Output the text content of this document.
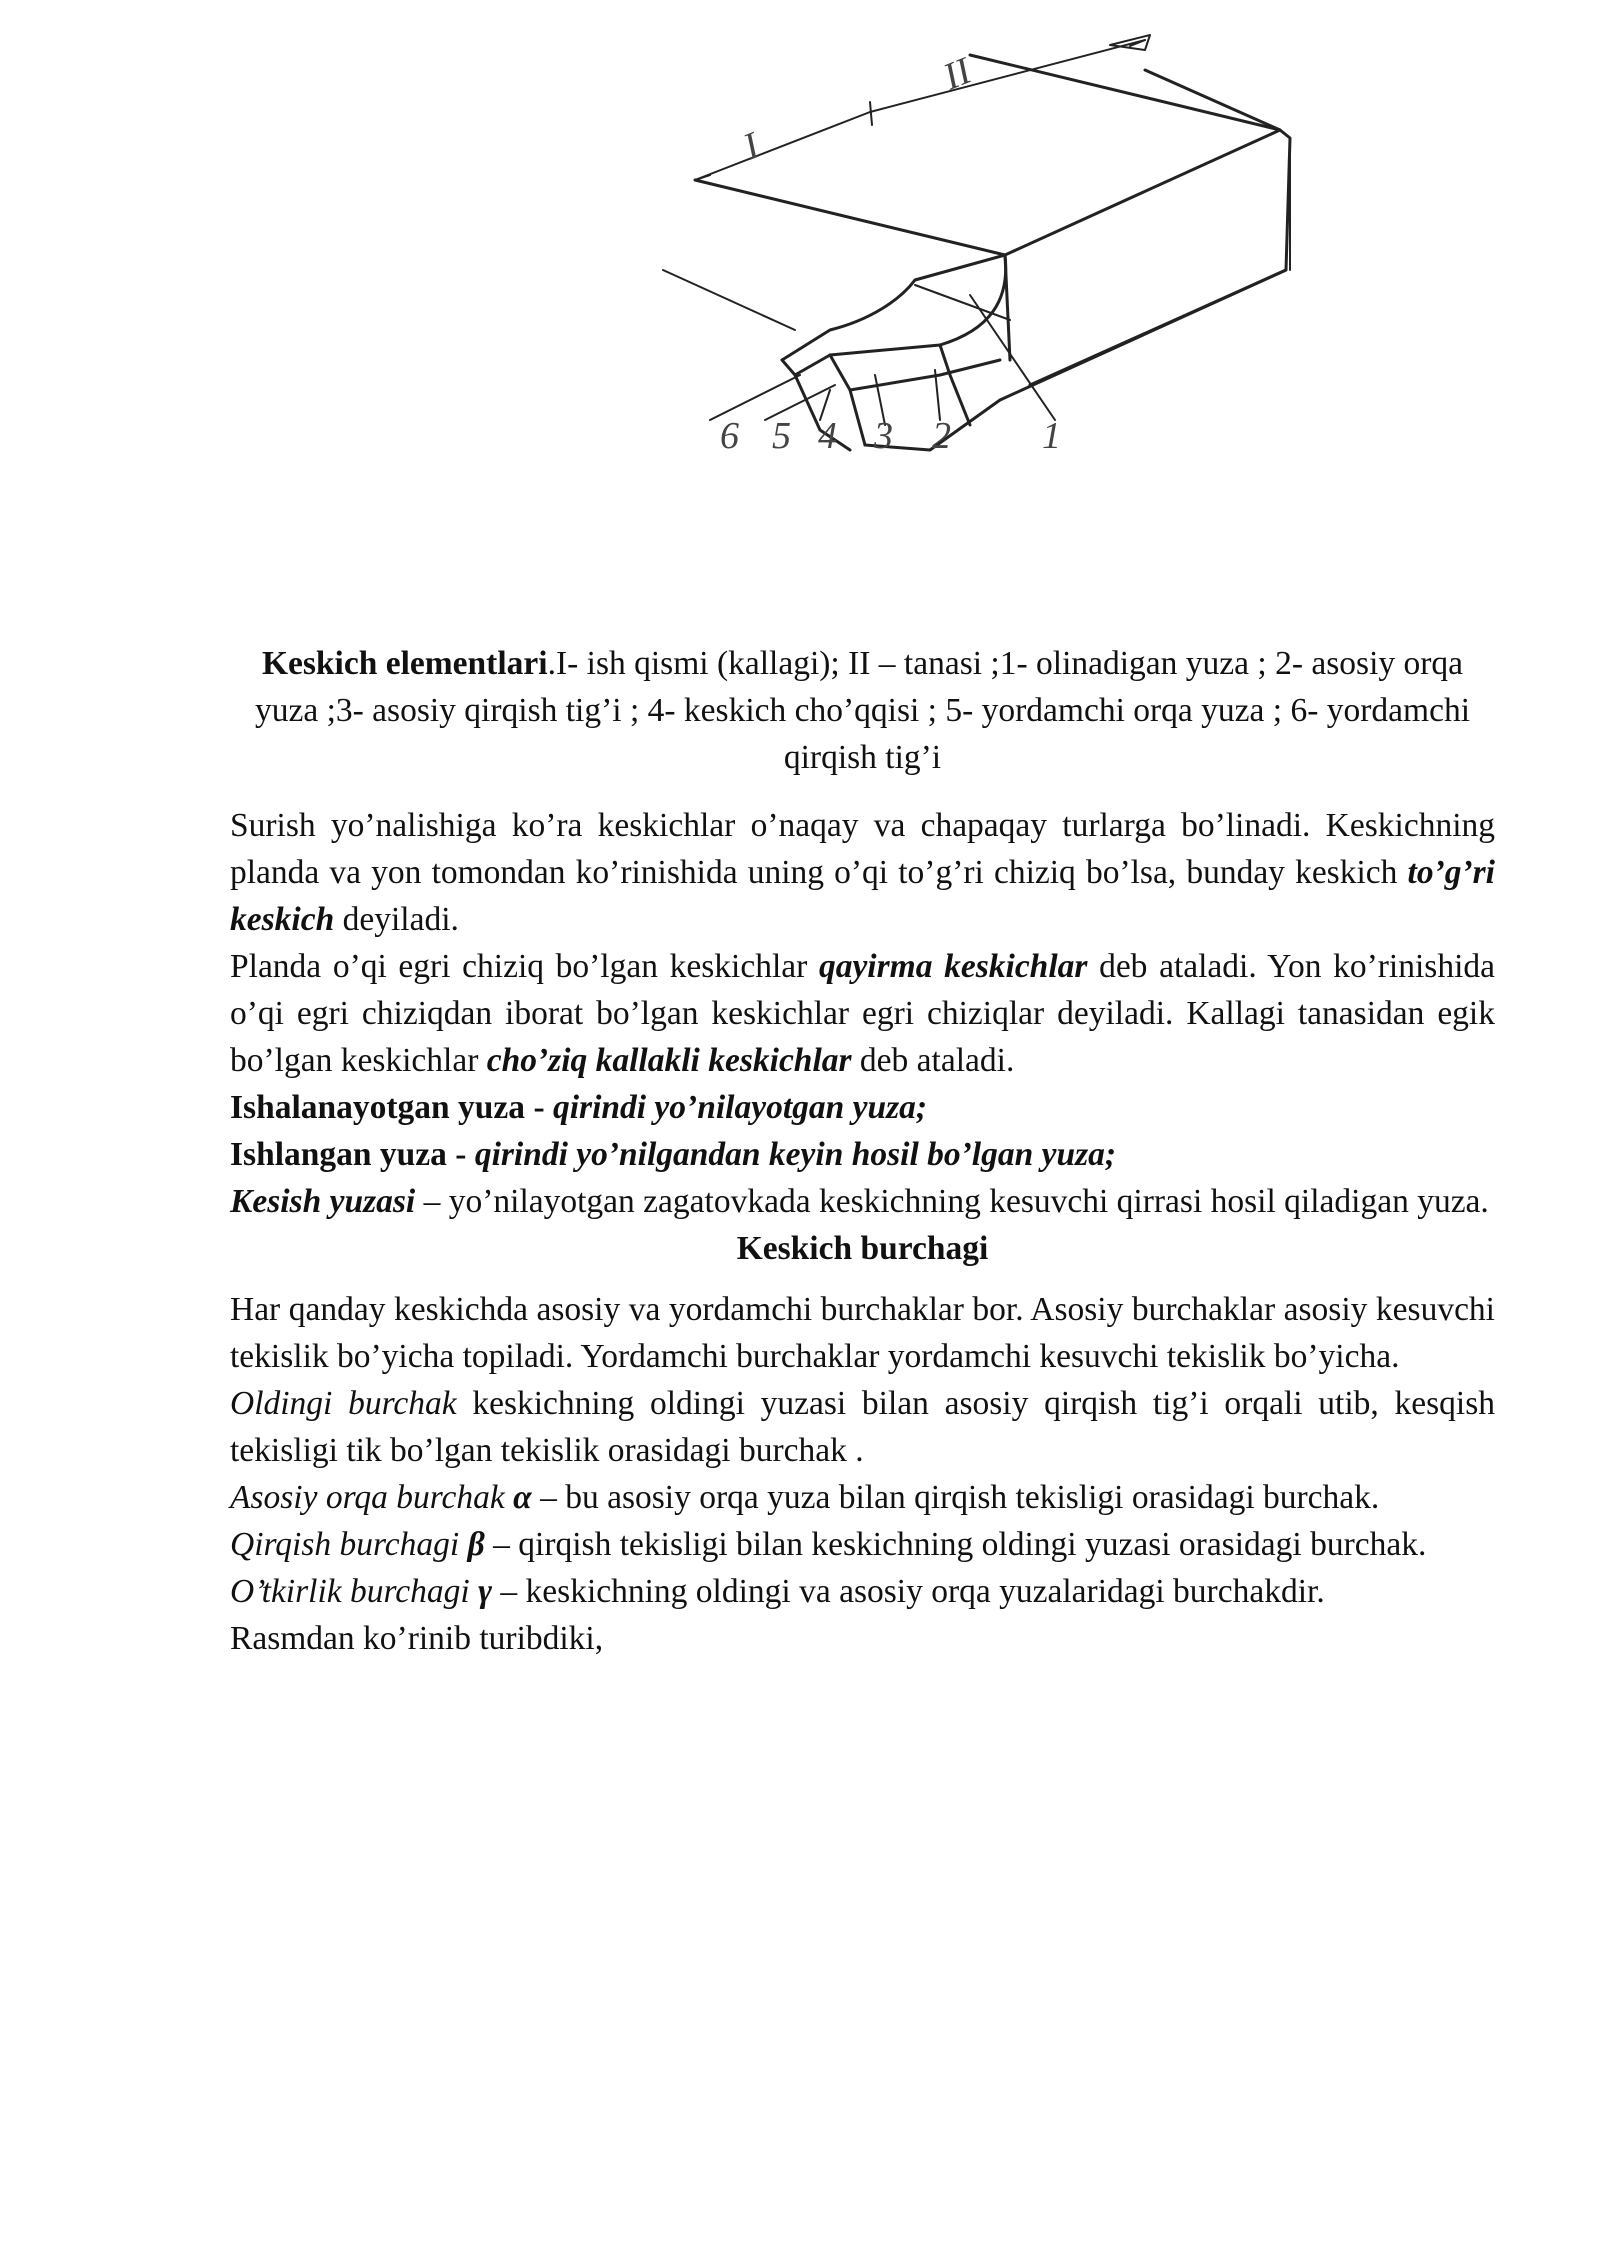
6 5 4 3 2 1
I
II
Keskich elementlari.I- ish qismi (kallagi); II – tanasi ;1- olinadigan yuza ; 2- asosiy orqa yuza ;3- asosiy qirqish tig’i ; 4- keskich cho’qqisi ; 5- yordamchi orqa yuza ; 6- yordamchi qirqish tig’i

Surish yo’nalishiga ko’ra keskichlar o’naqay va chapaqay turlarga bo’linadi. Keskichning planda va yon tomondan ko’rinishida uning o’qi to’g’ri chiziq bo’lsa, bunday keskich to’g’ri keskich deyiladi.

Planda o’qi egri chiziq bo’lgan keskichlar qayirma keskichlar deb ataladi. Yon ko’rinishida o’qi egri chiziqdan iborat bo’lgan keskichlar egri chiziqlar deyiladi. Kallagi tanasidan egik bo’lgan keskichlar cho’ziq kallakli keskichlar deb ataladi.

Ishalanayotgan yuza - qirindi yo’nilayotgan yuza;

Ishlangan yuza - qirindi yo’nilgandan keyin hosil bo’lgan yuza;

Kesish yuzasi – yo’nilayotgan zagatovkada keskichning kesuvchi qirrasi hosil qiladigan yuza.

Keskich burchagi

Har qanday keskichda asosiy va yordamchi burchaklar bor. Asosiy burchaklar asosiy kesuvchi tekislik bo’yicha topiladi. Yordamchi burchaklar yordamchi kesuvchi tekislik bo’yicha.

Oldingi burchak keskichning oldingi yuzasi bilan asosiy qirqish tig’i orqali utib, kesqish tekisligi tik bo’lgan tekislik orasidagi burchak .

Asosiy orqa burchak α – bu asosiy orqa yuza bilan qirqish tekisligi orasidagi burchak.

Qirqish burchagi β – qirqish tekisligi bilan keskichning oldingi yuzasi orasidagi burchak.

O’tkirlik burchagi γ – keskichning oldingi va asosiy orqa yuzalaridagi burchakdir.

Rasmdan ko’rinib turibdiki,
